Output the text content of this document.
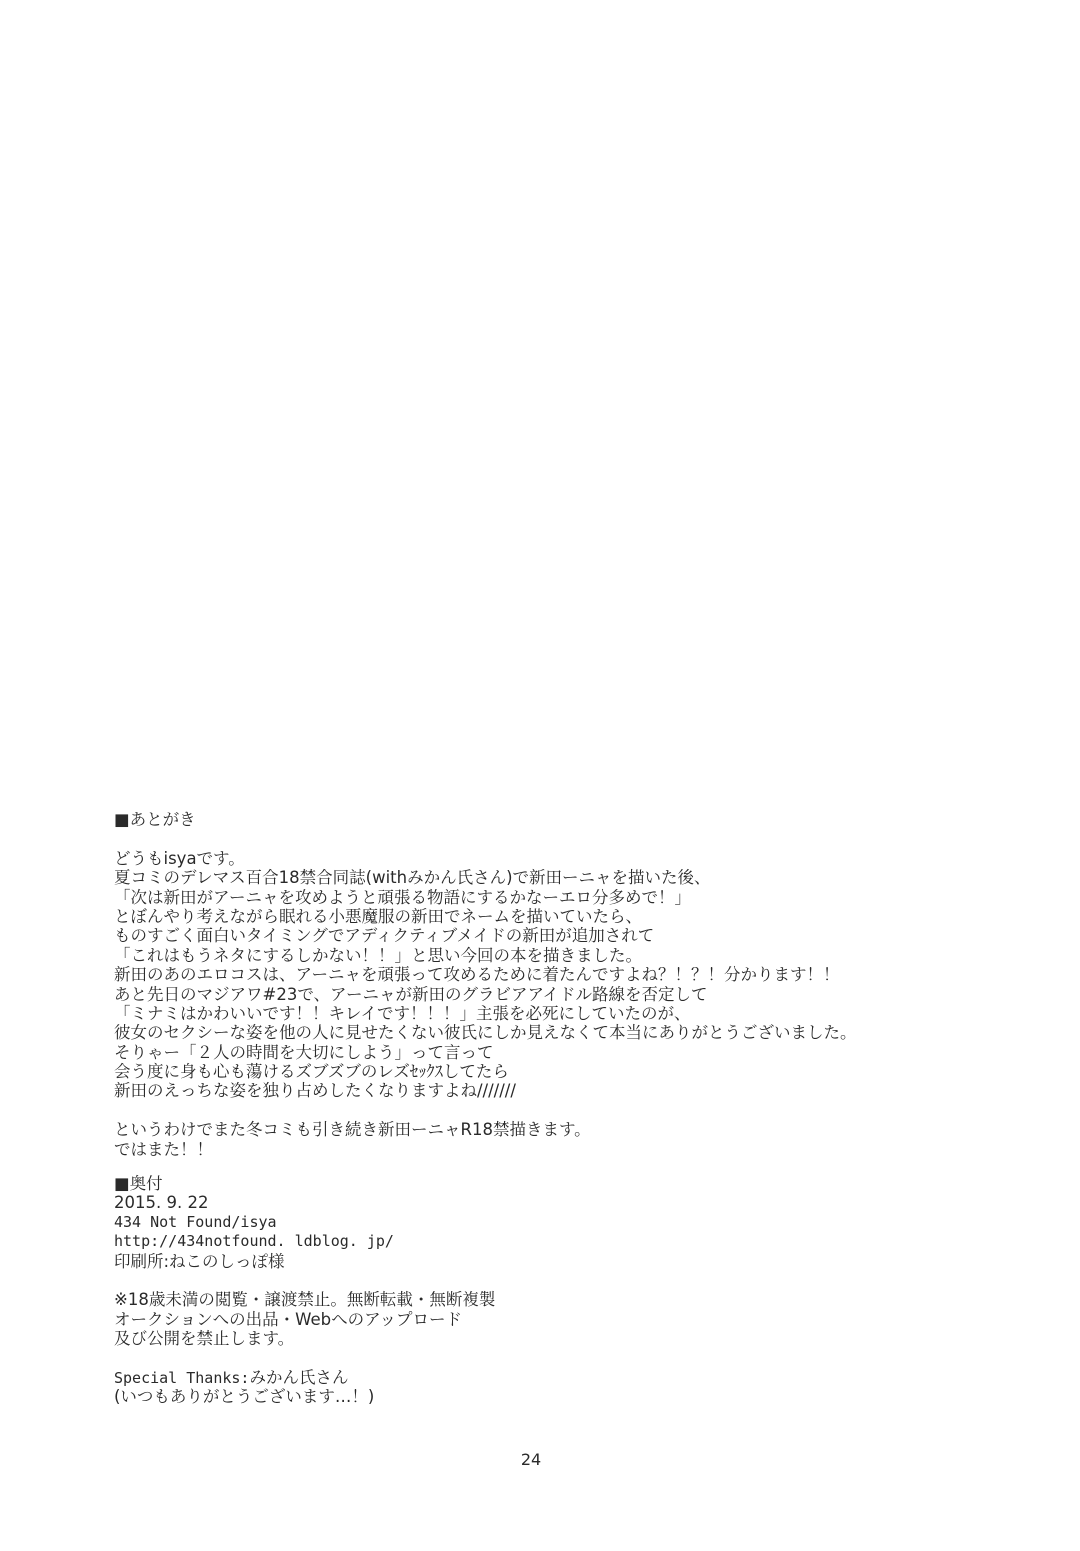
■あとがき
どうもisyaです。
夏コミのデレマス百合18禁合同誌(withみかん氏さん)で新田ーニャを描いた後、
「次は新田がアーニャを攻めようと頑張る物語にするかなーエロ分多めで！」
とぼんやり考えながら眠れる小悪魔服の新田でネームを描いていたら、
ものすごく面白いタイミングでアディクティブメイドの新田が追加されて
「これはもうネタにするしかない！！」と思い今回の本を描きました。
新田のあのエロコスは、アーニャを頑張って攻めるために着たんですよね？！？！分かります！！
あと先日のマジアワ#23で、アーニャが新田のグラビアアイドル路線を否定して
「ミナミはかわいいです！！キレイです！！！」主張を必死にしていたのが、
彼女のセクシーな姿を他の人に見せたくない彼氏にしか見えなくて本当にありがとうございました。
そりゃー「２人の時間を大切にしよう」って言って
会う度に身も心も蕩けるズブズブのレズｾｯｸｽしてたら
新田のえっちな姿を独り占めしたくなりますよね///////
というわけでまた冬コミも引き続き新田ーニャR18禁描きます。
ではまた！！
■奥付
2015. 9. 22
434 Not Found/isya
http://434notfound. ldblog. jp/
印刷所:ねこのしっぽ様
※18歳未満の閲覧・譲渡禁止。無断転載・無断複製
オークションへの出品・Webへのアップロード
及び公開を禁止します。
Special Thanks:みかん氏さん
(いつもありがとうございます…！)
24
